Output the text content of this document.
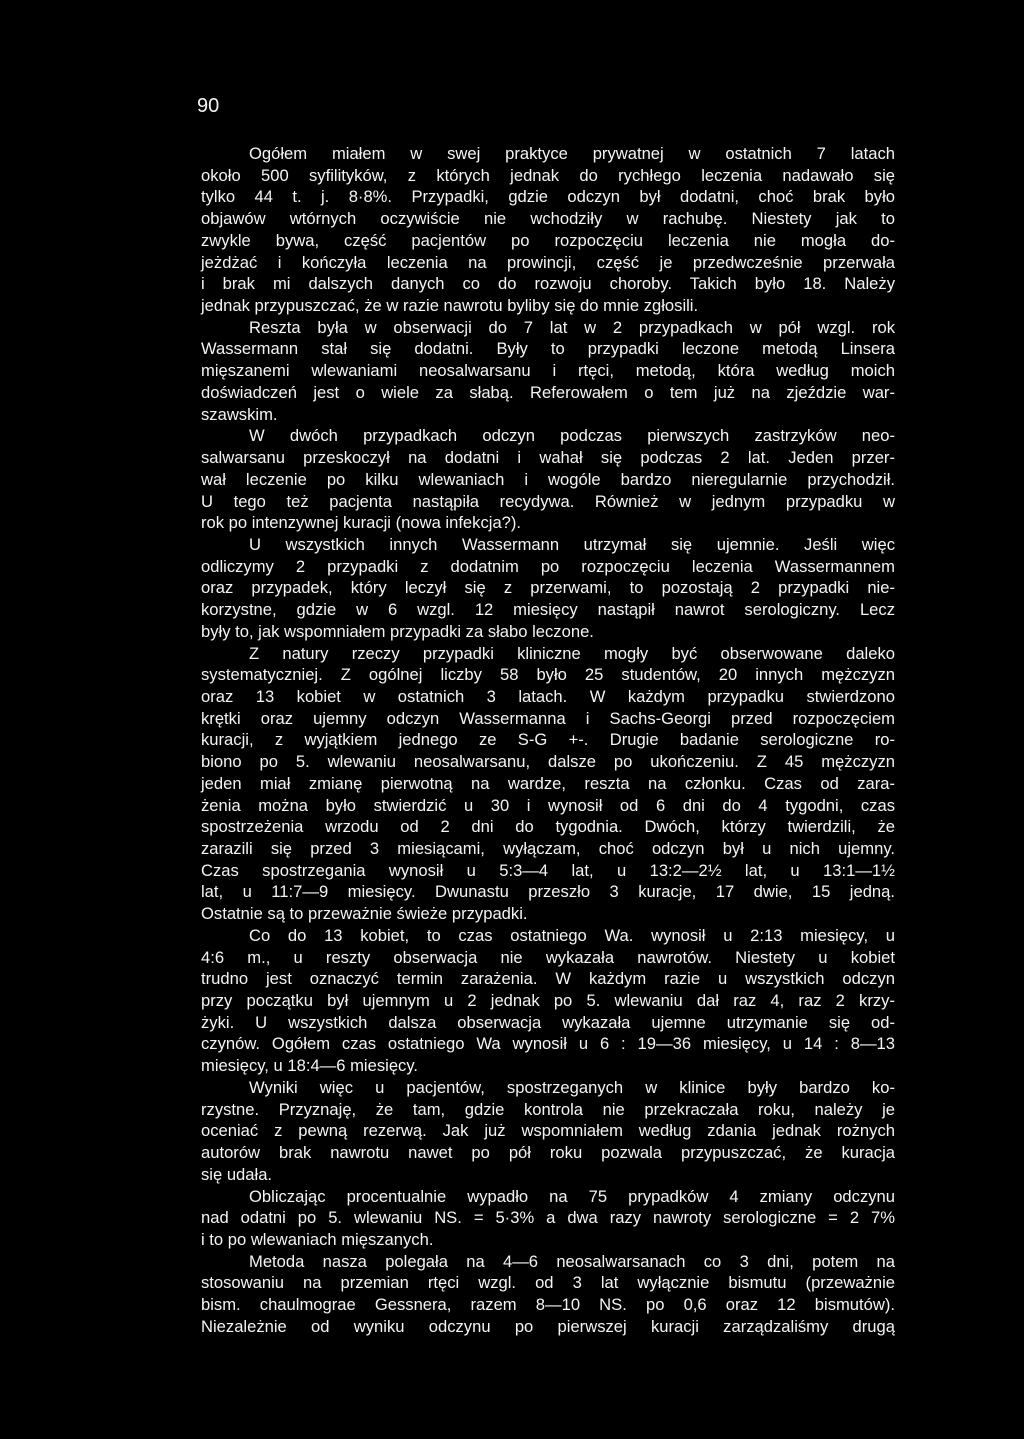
90
Ogółem miałem w swej praktyce prywatnej w ostatnich 7 latach
około 500 syfilityków, z których jednak do rychłego leczenia nadawało się
tylko 44 t. j. 8·8%. Przypadki, gdzie odczyn był dodatni, choć brak było
objawów wtórnych oczywiście nie wchodziły w rachubę. Niestety jak to
zwykle bywa, część pacjentów po rozpoczęciu leczenia nie mogła do-
jeżdżać i kończyła leczenia na prowincji, część je przedwcześnie przerwała
i brak mi dalszych danych co do rozwoju choroby. Takich było 18. Należy
jednak przypuszczać, że w razie nawrotu byliby się do mnie zgłosili.
Reszta była w obserwacji do 7 lat w 2 przypadkach w pół wzgl. rok
Wassermann stał się dodatni. Były to przypadki leczone metodą Linsera
mięszanemi wlewaniami neosalwarsanu i rtęci, metodą, która według moich
doświadczeń jest o wiele za słabą. Referowałem o tem już na zjeździe war-
szawskim.
W dwóch przypadkach odczyn podczas pierwszych zastrzyków neo-
salwarsanu przeskoczył na dodatni i wahał się podczas 2 lat. Jeden przer-
wał leczenie po kilku wlewaniach i wogóle bardzo nieregularnie przychodził.
U tego też pacjenta nastąpiła recydywa. Również w jednym przypadku w
rok po intenzywnej kuracji (nowa infekcja?).
U wszystkich innych Wassermann utrzymał się ujemnie. Jeśli więc
odliczymy 2 przypadki z dodatnim po rozpoczęciu leczenia Wassermannem
oraz przypadek, który leczył się z przerwami, to pozostają 2 przypadki nie-
korzystne, gdzie w 6 wzgl. 12 miesięcy nastąpił nawrot serologiczny. Lecz
były to, jak wspomniałem przypadki za słabo leczone.
Z natury rzeczy przypadki kliniczne mogły być obserwowane daleko
systematyczniej. Z ogólnej liczby 58 było 25 studentów, 20 innych mężczyzn
oraz 13 kobiet w ostatnich 3 latach. W każdym przypadku stwierdzono
krętki oraz ujemny odczyn Wassermanna i Sachs-Georgi przed rozpoczęciem
kuracji, z wyjątkiem jednego ze S-G +-. Drugie badanie serologiczne ro-
biono po 5. wlewaniu neosalwarsanu, dalsze po ukończeniu. Z 45 mężczyzn
jeden miał zmianę pierwotną na wardze, reszta na członku. Czas od zara-
żenia można było stwierdzić u 30 i wynosił od 6 dni do 4 tygodni, czas
spostrzeżenia wrzodu od 2 dni do tygodnia. Dwóch, którzy twierdzili, że
zarazili się przed 3 miesiącami, wyłączam, choć odczyn był u nich ujemny.
Czas spostrzegania wynosił u 5:3—4 lat, u 13:2—2½ lat, u 13:1—1½
lat, u 11:7—9 miesięcy. Dwunastu przeszło 3 kuracje, 17 dwie, 15 jedną.
Ostatnie są to przeważnie świeże przypadki.
Co do 13 kobiet, to czas ostatniego Wa. wynosił u 2:13 miesięcy, u
4:6 m., u reszty obserwacja nie wykazała nawrotów. Niestety u kobiet
trudno jest oznaczyć termin zarażenia. W każdym razie u wszystkich odczyn
przy początku był ujemnym u 2 jednak po 5. wlewaniu dał raz 4, raz 2 krzy-
żyki. U wszystkich dalsza obserwacja wykazała ujemne utrzymanie się od-
czynów. Ogółem czas ostatniego Wa wynosił u 6 : 19—36 miesięcy, u 14 : 8—13
miesięcy, u 18:4—6 miesięcy.
Wyniki więc u pacjentów, spostrzeganych w klinice były bardzo ko-
rzystne. Przyznaję, że tam, gdzie kontrola nie przekraczała roku, należy je
oceniać z pewną rezerwą. Jak już wspomniałem według zdania jednak rożnych
autorów brak nawrotu nawet po pół roku pozwala przypuszczać, że kuracja
się udała.
Obliczając procentualnie wypadło na 75 prypadków 4 zmiany odczynu
nad odatni po 5. wlewaniu NS. = 5·3% a dwa razy nawroty serologiczne = 2 7%
i to po wlewaniach mięszanych.
Metoda nasza polegała na 4—6 neosalwarsanach co 3 dni, potem na
stosowaniu na przemian rtęci wzgl. od 3 lat wyłącznie bismutu (przeważnie
bism. chaulmograe Gessnera, razem 8—10 NS. po 0,6 oraz 12 bismutów).
Niezależnie od wyniku odczynu po pierwszej kuracji zarządzaliśmy drugą
